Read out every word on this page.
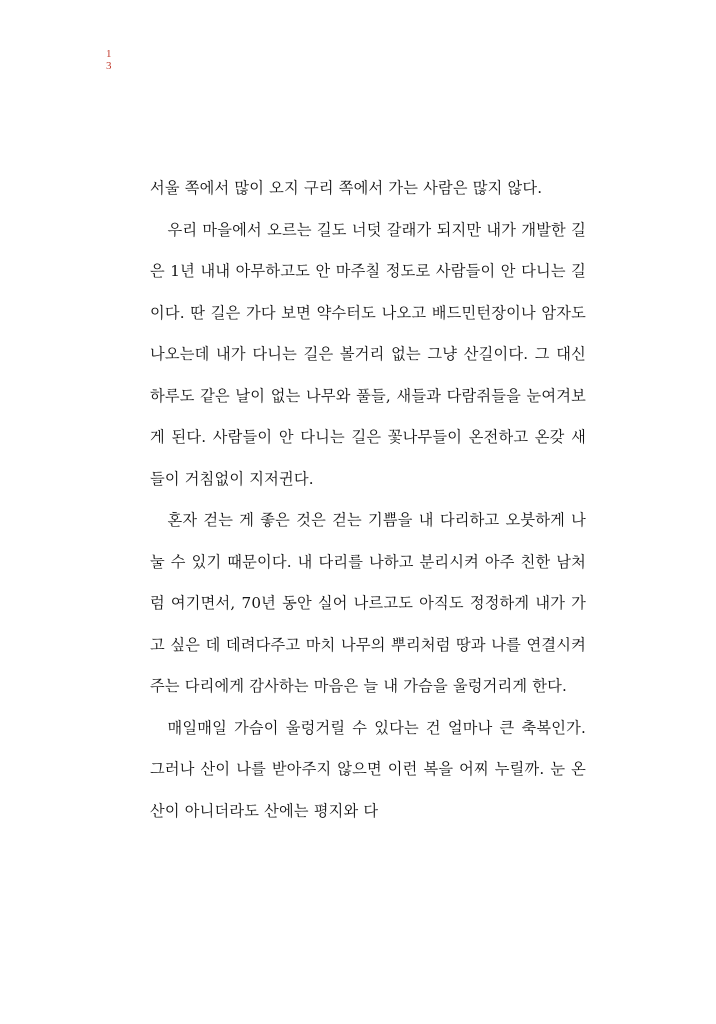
1
3

서울 쪽에서 많이 오지 구리 쪽에서 가는 사람은 많지 않다.

우리 마을에서 오르는 길도 너덧 갈래가 되지만 내가 개발한 길은 1년 내내 아무하고도 안 마주칠 정도로 사람들이 안 다니는 길이다. 딴 길은 가다 보면 약수터도 나오고 배드민턴장이나 암자도 나오는데 내가 다니는 길은 볼거리 없는 그냥 산길이다. 그 대신 하루도 같은 날이 없는 나무와 풀들, 새들과 다람쥐들을 눈여겨보게 된다. 사람들이 안 다니는 길은 꽃나무들이 온전하고 온갖 새들이 거침없이 지저귄다.

혼자 걷는 게 좋은 것은 걷는 기쁨을 내 다리하고 오붓하게 나눌 수 있기 때문이다. 내 다리를 나하고 분리시켜 아주 친한 남처럼 여기면서, 70년 동안 실어 나르고도 아직도 정정하게 내가 가고 싶은 데 데려다주고 마치 나무의 뿌리처럼 땅과 나를 연결시켜주는 다리에게 감사하는 마음은 늘 내 가슴을 울렁거리게 한다.

매일매일 가슴이 울렁거릴 수 있다는 건 얼마나 큰 축복인가. 그러나 산이 나를 받아주지 않으면 이런 복을 어찌 누릴까. 눈 온 산이 아니더라도 산에는 평지와 다
